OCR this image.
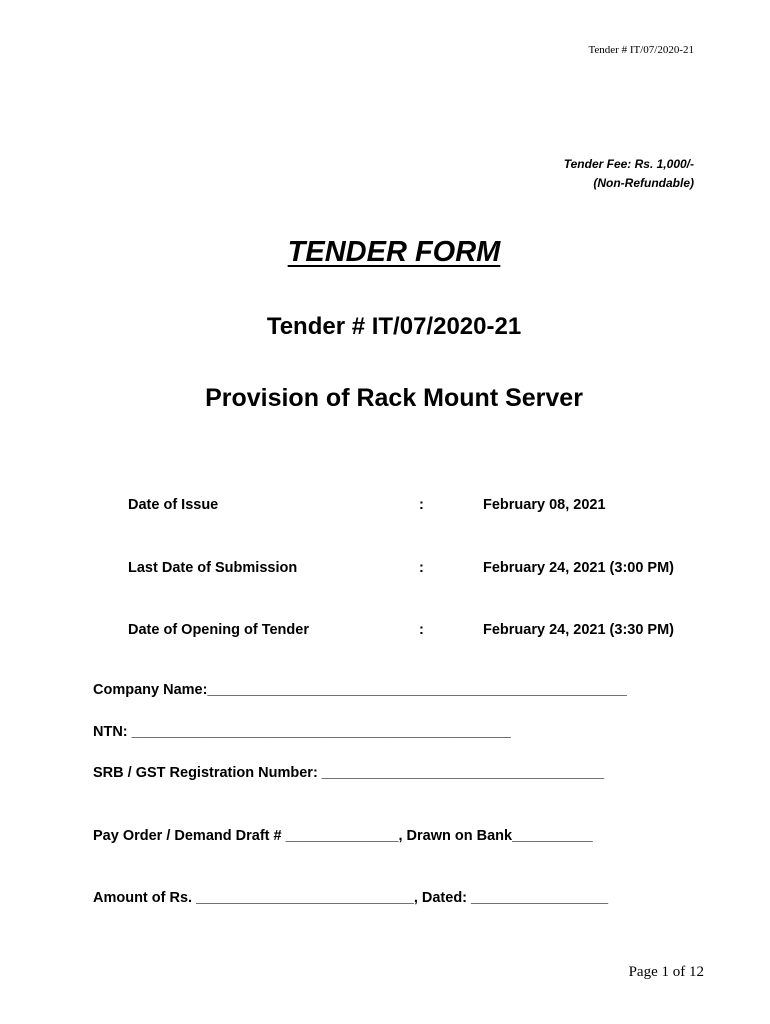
Tender # IT/07/2020-21
Tender Fee: Rs. 1,000/-
(Non-Refundable)
TENDER FORM
Tender # IT/07/2020-21
Provision of Rack Mount Server
Date of Issue	:	February 08, 2021
Last Date of Submission	:	February 24, 2021 (3:00 PM)
Date of Opening of Tender	:	February 24, 2021 (3:30 PM)
Company Name:____________________________________________________
NTN: _______________________________________________
SRB / GST Registration Number: ___________________________________
Pay Order / Demand Draft # ______________, Drawn on Bank__________
Amount of Rs. ___________________________, Dated: _________________
Page 1 of 12
